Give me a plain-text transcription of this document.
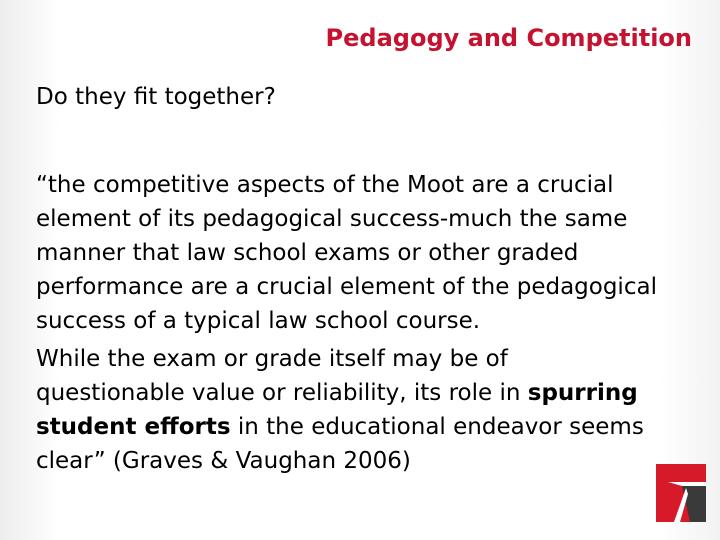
Pedagogy and Competition
Do they fit together?

“the competitive aspects of the Moot are a crucial
element of its pedagogical success-much the same
manner that law school exams or other graded
performance are a crucial element of the pedagogical
success of a typical law school course.

While the exam or grade itself may be of
questionable value or reliability, its role in spurring
student efforts in the educational endeavor seems
clear” (Graves & Vaughan 2006)
